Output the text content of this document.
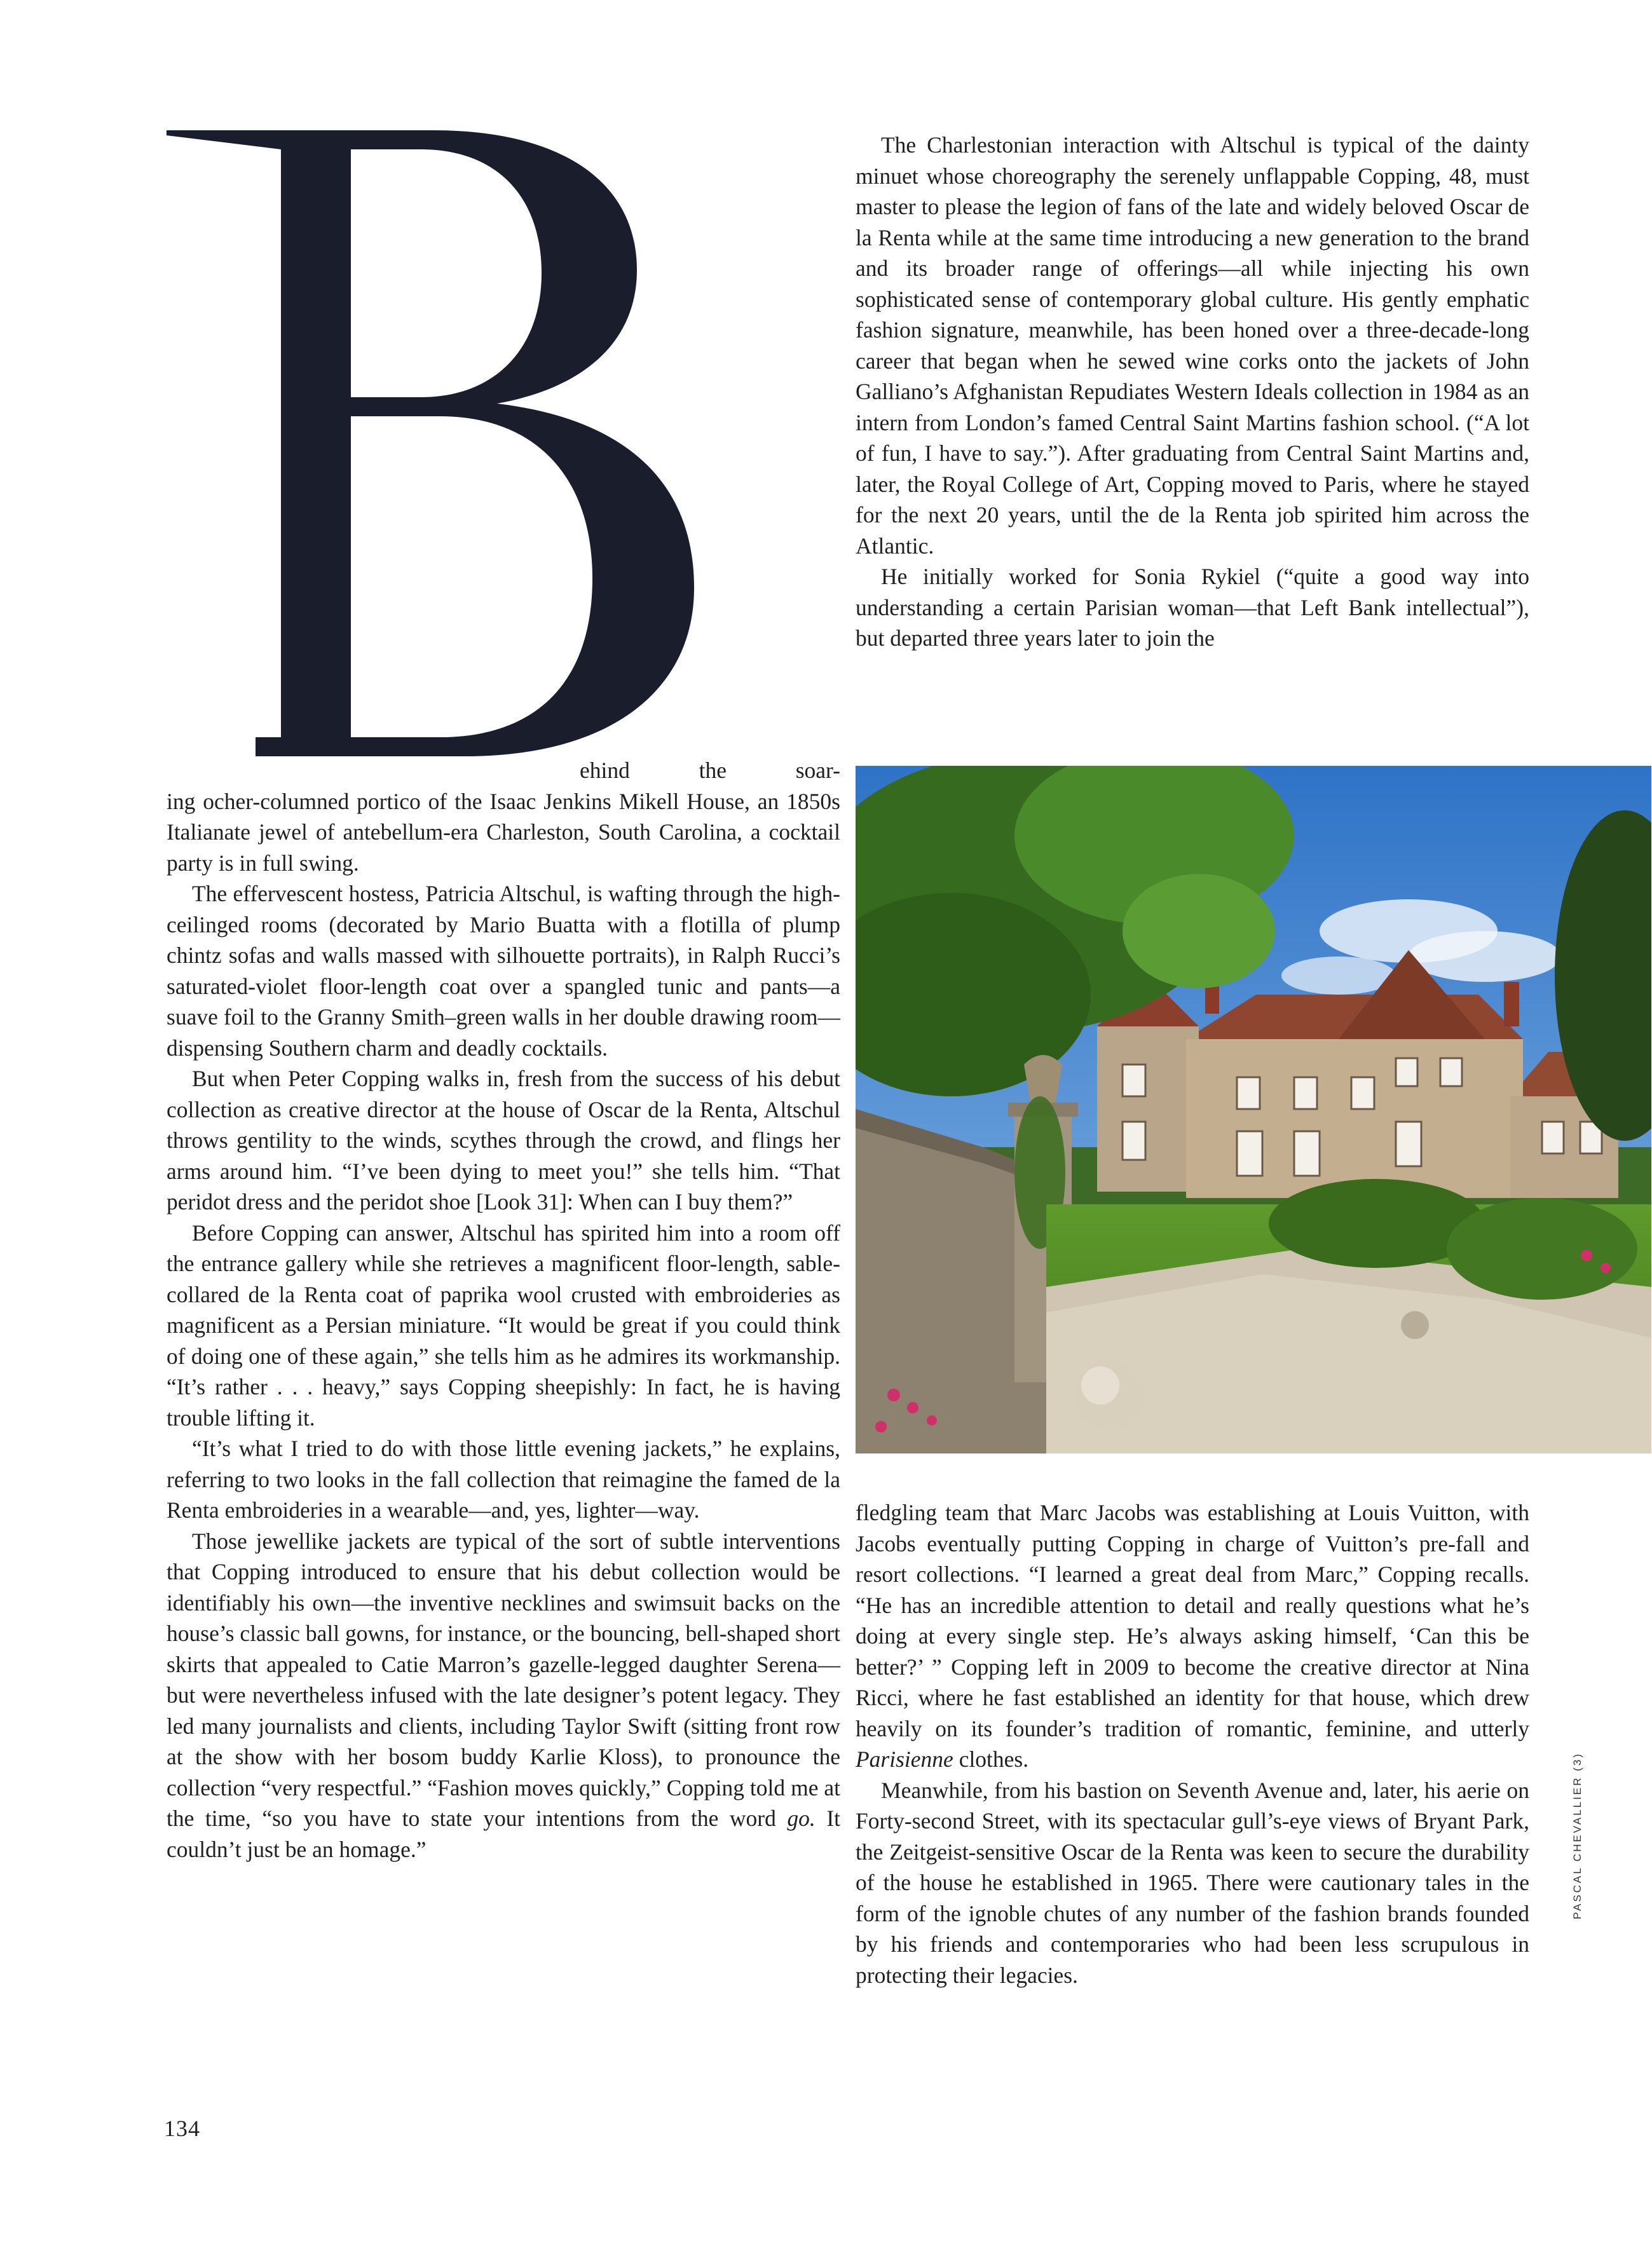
ehind the soar-

ing ocher-columned portico of the Isaac Jenkins Mikell House, an 1850s Italianate jewel of antebellum-era Charleston, South Carolina, a cocktail party is in full swing.

The effervescent hostess, Patricia Altschul, is wafting through the high-ceilinged rooms (decorated by Mario Buatta with a flotilla of plump chintz sofas and walls massed with silhouette portraits), in Ralph Rucci’s saturated-violet floor-length coat over a spangled tunic and pants—a suave foil to the Granny Smith–green walls in her double drawing room—dispensing Southern charm and deadly cocktails.

But when Peter Copping walks in, fresh from the success of his debut collection as creative director at the house of Oscar de la Renta, Altschul throws gentility to the winds, scythes through the crowd, and flings her arms around him. “I’ve been dying to meet you!” she tells him. “That peridot dress and the peridot shoe [Look 31]: When can I buy them?”

Before Copping can answer, Altschul has spirited him into a room off the entrance gallery while she retrieves a magnificent floor-length, sable-collared de la Renta coat of paprika wool crusted with embroideries as magnificent as a Persian miniature. “It would be great if you could think of doing one of these again,” she tells him as he admires its workmanship. “It’s rather . . . heavy,” says Copping sheepishly: In fact, he is having trouble lifting it.

“It’s what I tried to do with those little evening jackets,” he explains, referring to two looks in the fall collection that reimagine the famed de la Renta embroideries in a wearable—and, yes, lighter—way.

Those jewellike jackets are typical of the sort of subtle interventions that Copping introduced to ensure that his debut collection would be identifiably his own—the inventive necklines and swimsuit backs on the house’s classic ball gowns, for instance, or the bouncing, bell-shaped short skirts that appealed to Catie Marron’s gazelle-legged daughter Serena—but were nevertheless infused with the late designer’s potent legacy. They led many journalists and clients, including Taylor Swift (sitting front row at the show with her bosom buddy Karlie Kloss), to pronounce the collection “very respectful.” “Fashion moves quickly,” Copping told me at the time, “so you have to state your intentions from the word go. It couldn’t just be an homage.”

The Charlestonian interaction with Altschul is typical of the dainty minuet whose choreography the serenely unflappable Copping, 48, must master to please the legion of fans of the late and widely beloved Oscar de la Renta while at the same time introducing a new generation to the brand and its broader range of offerings—all while injecting his own sophisticated sense of contemporary global culture. His gently emphatic fashion signature, meanwhile, has been honed over a three-decade-long career that began when he sewed wine corks onto the jackets of John Galliano’s Afghanistan Repudiates Western Ideals collection in 1984 as an intern from London’s famed Central Saint Martins fashion school. (“A lot of fun, I have to say.”). After graduating from Central Saint Martins and, later, the Royal College of Art, Copping moved to Paris, where he stayed for the next 20 years, until the de la Renta job spirited him across the Atlantic.

He initially worked for Sonia Rykiel (“quite a good way into understanding a certain Parisian woman—that Left Bank intellectual”), but departed three years later to join the

fledgling team that Marc Jacobs was establishing at Louis Vuitton, with Jacobs eventually putting Copping in charge of Vuitton’s pre-fall and resort collections. “I learned a great deal from Marc,” Copping recalls. “He has an incredible attention to detail and really questions what he’s doing at every single step. He’s always asking himself, ‘Can this be better?’ ” Copping left in 2009 to become the creative director at Nina Ricci, where he fast established an identity for that house, which drew heavily on its founder’s tradition of romantic, feminine, and utterly Parisienne clothes.

Meanwhile, from his bastion on Seventh Avenue and, later, his aerie on Forty-second Street, with its spectacular gull’s-eye views of Bryant Park, the Zeitgeist-sensitive Oscar de la Renta was keen to secure the durability of the house he established in 1965. There were cautionary tales in the form of the ignoble chutes of any number of the fashion brands founded by his friends and contemporaries who had been less scrupulous in protecting their legacies.

PASCAL CHEVALLIER (3)
134
